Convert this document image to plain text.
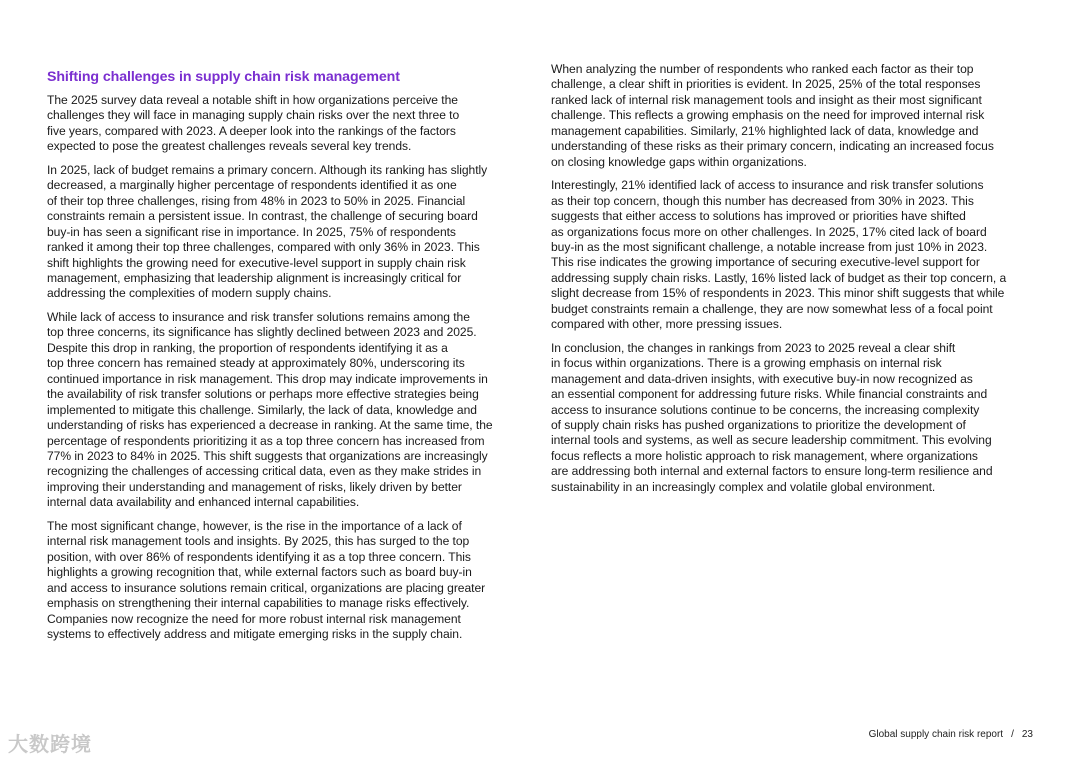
Shifting challenges in supply chain risk management

The 2025 survey data reveal a notable shift in how organizations perceive the
challenges they will face in managing supply chain risks over the next three to
five years, compared with 2023. A deeper look into the rankings of the factors
expected to pose the greatest challenges reveals several key trends.

In 2025, lack of budget remains a primary concern. Although its ranking has slightly
decreased, a marginally higher percentage of respondents identified it as one
of their top three challenges, rising from 48% in 2023 to 50% in 2025. Financial
constraints remain a persistent issue. In contrast, the challenge of securing board
buy-in has seen a significant rise in importance. In 2025, 75% of respondents
ranked it among their top three challenges, compared with only 36% in 2023. This
shift highlights the growing need for executive-level support in supply chain risk
management, emphasizing that leadership alignment is increasingly critical for
addressing the complexities of modern supply chains.

While lack of access to insurance and risk transfer solutions remains among the
top three concerns, its significance has slightly declined between 2023 and 2025.
Despite this drop in ranking, the proportion of respondents identifying it as a
top three concern has remained steady at approximately 80%, underscoring its
continued importance in risk management. This drop may indicate improvements in
the availability of risk transfer solutions or perhaps more effective strategies being
implemented to mitigate this challenge. Similarly, the lack of data, knowledge and
understanding of risks has experienced a decrease in ranking. At the same time, the
percentage of respondents prioritizing it as a top three concern has increased from
77% in 2023 to 84% in 2025. This shift suggests that organizations are increasingly
recognizing the challenges of accessing critical data, even as they make strides in
improving their understanding and management of risks, likely driven by better
internal data availability and enhanced internal capabilities.

The most significant change, however, is the rise in the importance of a lack of
internal risk management tools and insights. By 2025, this has surged to the top
position, with over 86% of respondents identifying it as a top three concern. This
highlights a growing recognition that, while external factors such as board buy-in
and access to insurance solutions remain critical, organizations are placing greater
emphasis on strengthening their internal capabilities to manage risks effectively.
Companies now recognize the need for more robust internal risk management
systems to effectively address and mitigate emerging risks in the supply chain.

When analyzing the number of respondents who ranked each factor as their top
challenge, a clear shift in priorities is evident. In 2025, 25% of the total responses
ranked lack of internal risk management tools and insight as their most significant
challenge. This reflects a growing emphasis on the need for improved internal risk
management capabilities. Similarly, 21% highlighted lack of data, knowledge and
understanding of these risks as their primary concern, indicating an increased focus
on closing knowledge gaps within organizations.

Interestingly, 21% identified lack of access to insurance and risk transfer solutions
as their top concern, though this number has decreased from 30% in 2023. This
suggests that either access to solutions has improved or priorities have shifted
as organizations focus more on other challenges. In 2025, 17% cited lack of board
buy-in as the most significant challenge, a notable increase from just 10% in 2023.
This rise indicates the growing importance of securing executive-level support for
addressing supply chain risks. Lastly, 16% listed lack of budget as their top concern, a
slight decrease from 15% of respondents in 2023. This minor shift suggests that while
budget constraints remain a challenge, they are now somewhat less of a focal point
compared with other, more pressing issues.

In conclusion, the changes in rankings from 2023 to 2025 reveal a clear shift
in focus within organizations. There is a growing emphasis on internal risk
management and data-driven insights, with executive buy-in now recognized as
an essential component for addressing future risks. While financial constraints and
access to insurance solutions continue to be concerns, the increasing complexity
of supply chain risks has pushed organizations to prioritize the development of
internal tools and systems, as well as secure leadership commitment. This evolving
focus reflects a more holistic approach to risk management, where organizations
are addressing both internal and external factors to ensure long-term resilience and
sustainability in an increasingly complex and volatile global environment.

大数跨境	Global supply chain risk report / 23
